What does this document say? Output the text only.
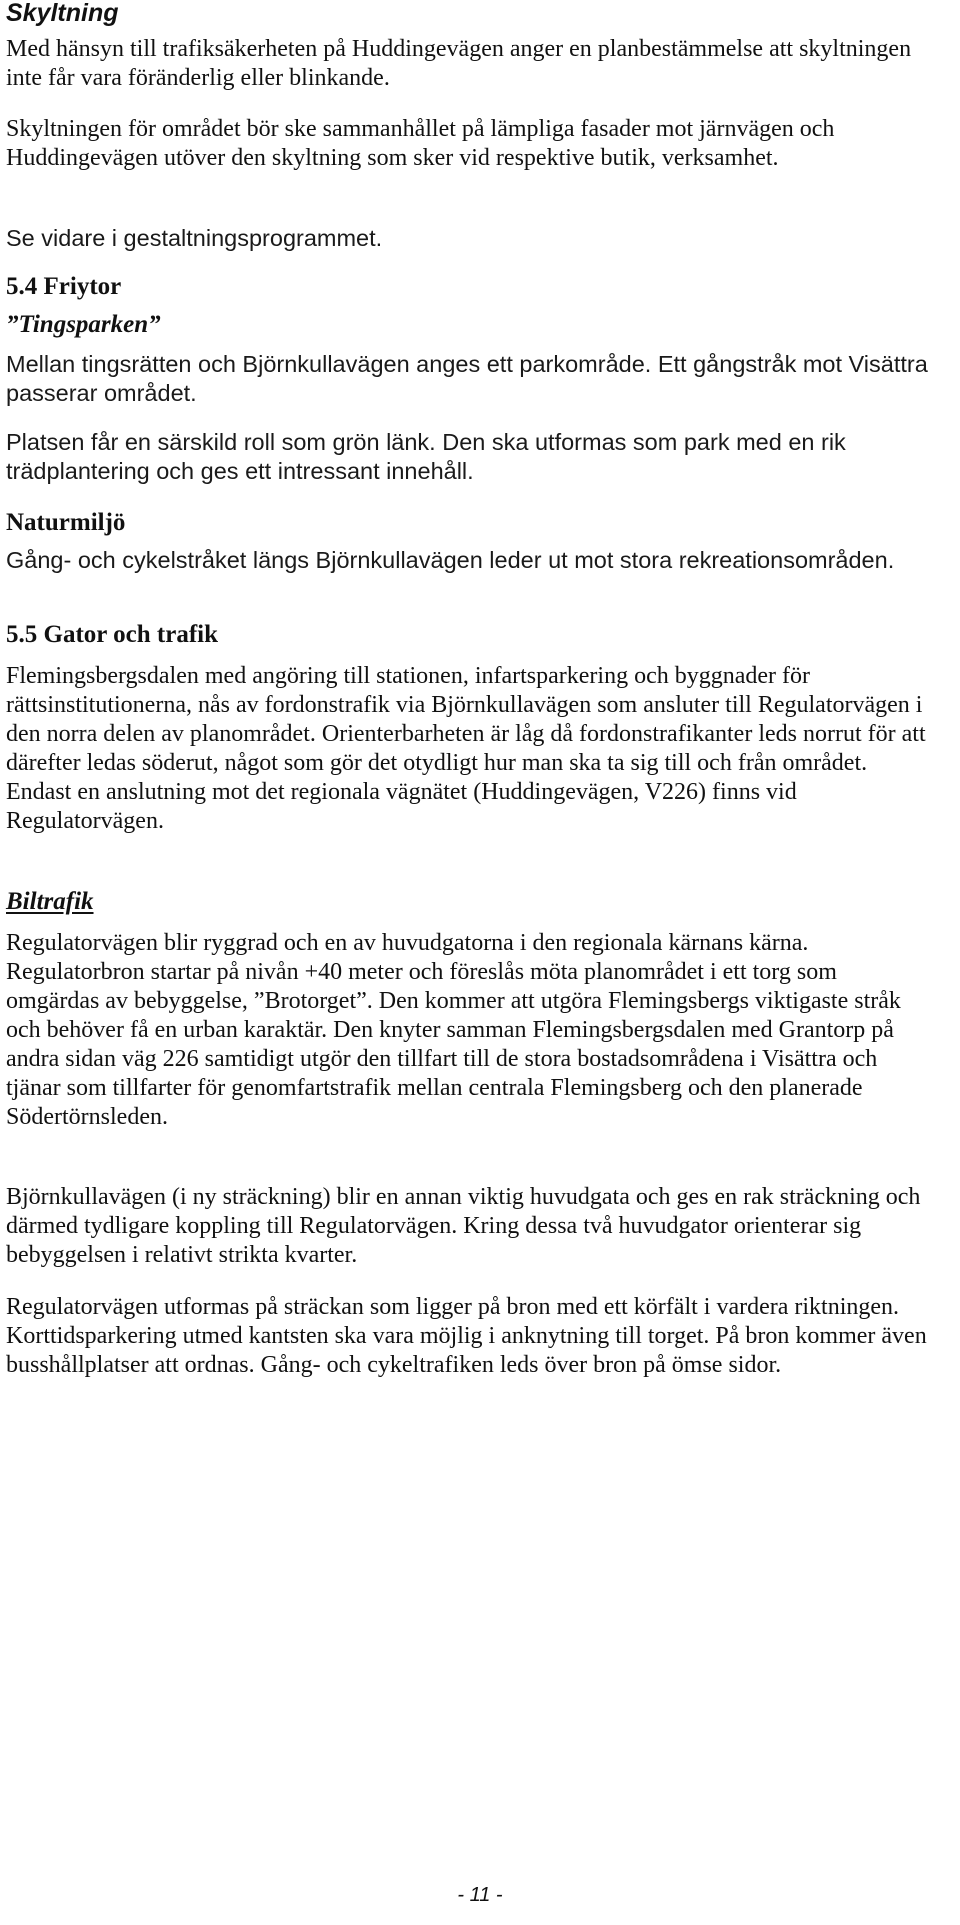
Skyltning

Med hänsyn till trafiksäkerheten på Huddingevägen anger en planbestämmelse att skyltningen inte får vara föränderlig eller blinkande.

Skyltningen för området bör ske sammanhållet på lämpliga fasader mot järnvägen och Huddingevägen utöver den skyltning som sker vid respektive butik, verksamhet.

Se vidare i gestaltningsprogrammet.

5.4 Friytor
”Tingsparken”

Mellan tingsrätten och Björnkullavägen anges ett parkområde. Ett gångstråk mot Visättra passerar området.

Platsen får en särskild roll som grön länk. Den ska utformas som park med en rik trädplantering och ges ett intressant innehåll.

Naturmiljö

Gång- och cykelstråket längs Björnkullavägen leder ut mot stora rekreationsområden.

5.5 Gator och trafik

Flemingsbergsdalen med angöring till stationen, infartsparkering och byggnader för rättsinstitutionerna, nås av fordonstrafik via Björnkullavägen som ansluter till Regulatorvägen i den norra delen av planområdet. Orienterbarheten är låg då fordonstrafikanter leds norrut för att därefter ledas söderut, något som gör det otydligt hur man ska ta sig till och från området. Endast en anslutning mot det regionala vägnätet (Huddingevägen, V226) finns vid Regulatorvägen.

Biltrafik

Regulatorvägen blir ryggrad och en av huvudgatorna i den regionala kärnans kärna. Regulatorbron startar på nivån +40 meter och föreslås möta planområdet i ett torg som omgärdas av bebyggelse, ”Brotorget”. Den kommer att utgöra Flemingsbergs viktigaste stråk och behöver få en urban karaktär. Den knyter samman Flemingsbergsdalen med Grantorp på andra sidan väg 226 samtidigt utgör den tillfart till de stora bostadsområdena i Visättra och tjänar som tillfarter för genomfartstrafik mellan centrala Flemingsberg och den planerade Södertörnsleden.

Björnkullavägen (i ny sträckning) blir en annan viktig huvudgata och ges en rak sträckning och därmed tydligare koppling till Regulatorvägen. Kring dessa två huvudgator orienterar sig bebyggelsen i relativt strikta kvarter.

Regulatorvägen utformas på sträckan som ligger på bron med ett körfält i vardera riktningen. Korttidsparkering utmed kantsten ska vara möjlig i anknytning till torget. På bron kommer även busshållplatser att ordnas. Gång- och cykeltrafiken leds över bron på ömse sidor.

- 11 -
